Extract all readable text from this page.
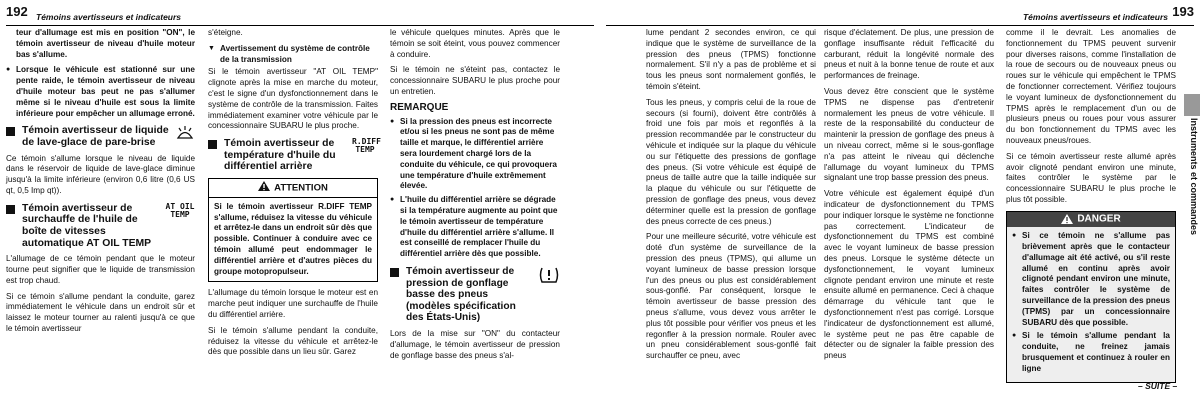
192 Témoins avertisseurs et indicateurs

teur d'allumage est mis en position "ON", le témoin avertisseur de niveau d'huile moteur bas s'allume.

● Lorsque le véhicule est stationné sur une pente raide, le témoin avertisseur de niveau d'huile moteur bas peut ne pas s'allumer même si le niveau d'huile est sous la limite inférieure pour empêcher un allumage erroné.
Témoin avertisseur de liquide de lave-glace de pare-brise

Ce témoin s'allume lorsque le niveau de liquide dans le réservoir de liquide de lave-glace diminue jusqu'à la limite inférieure (environ 0,6 litre (0,6 US qt, 0,5 Imp qt)).

Témoin avertisseur de surchauffe de l'huile de boîte de vitesses automatique AT OIL TEMP
AT OIL TEMP

L'allumage de ce témoin pendant que le moteur tourne peut signifier que le liquide de transmission est trop chaud.

Si ce témoin s'allume pendant la conduite, garez immédiatement le véhicule dans un endroit sûr et laissez le moteur tourner au ralenti jusqu'à ce que le témoin avertisseur

s'éteigne.

▼ Avertissement du système de contrôle de la transmission

Si le témoin avertisseur "AT OIL TEMP" clignote après la mise en marche du moteur, c'est le signe d'un dysfonctionnement dans le système de contrôle de la transmission. Faites immédiatement examiner votre véhicule par le concessionnaire SUBARU le plus proche.

Témoin avertisseur de température d'huile du différentiel arrière
R.DIFF TEMP
ATTENTION
Si le témoin avertisseur R.DIFF TEMP s'allume, réduisez la vitesse du véhicule et arrêtez-le dans un endroit sûr dès que possible. Continuer à conduire avec ce témoin allumé peut endommager le différentiel arrière et d'autres pièces du groupe motopropulseur.

L'allumage du témoin lorsque le moteur est en marche peut indiquer une surchauffe de l'huile du différentiel arrière.

Si le témoin s'allume pendant la conduite, réduisez la vitesse du véhicule et arrêtez-le dès que possible dans un lieu sûr. Garez

le véhicule quelques minutes. Après que le témoin se soit éteint, vous pouvez commencer à conduire.

Si le témoin ne s'éteint pas, contactez le concessionnaire SUBARU le plus proche pour un entretien.

REMARQUE
● Si la pression des pneus est incorrecte et/ou si les pneus ne sont pas de même taille et marque, le différentiel arrière sera lourdement chargé lors de la conduite du véhicule, ce qui provoquera une température d'huile extrêmement élevée.
● L'huile du différentiel arrière se dégrade si la température augmente au point que le témoin avertisseur de température d'huile du différentiel arrière s'allume. Il est conseillé de remplacer l'huile du différentiel arrière dès que possible.
Témoin avertisseur de pression de gonflage basse des pneus (modèles spécification des États-Unis)

Lors de la mise sur "ON" du contacteur d'allumage, le témoin avertisseur de pression de gonflage basse des pneus s'al-

Témoins avertisseurs et indicateurs 193

lume pendant 2 secondes environ, ce qui indique que le système de surveillance de la pression des pneus (TPMS) fonctionne normalement. S'il n'y a pas de problème et si tous les pneus sont normalement gonflés, le témoin s'éteint.

Tous les pneus, y compris celui de la roue de secours (si fourni), doivent être contrôlés à froid une fois par mois et regonflés à la pression recommandée par le constructeur du véhicule et indiquée sur la plaque du véhicule ou sur l'étiquette des pressions de gonflage des pneus. (Si votre véhicule est équipé de pneus de taille autre que la taille indiquée sur la plaque du véhicule ou sur l'étiquette de pression de gonflage des pneus, vous devez déterminer quelle est la pression de gonflage des pneus correcte de ces pneus.)

Pour une meilleure sécurité, votre véhicule est doté d'un système de surveillance de la pression des pneus (TPMS), qui allume un voyant lumineux de basse pression lorsque l'un des pneus ou plus est considérablement sous-gonflé. Par conséquent, lorsque le témoin avertisseur de basse pression des pneus s'allume, vous devez vous arrêter le plus tôt possible pour vérifier vos pneus et les regonfler à la pression normale. Rouler avec un pneu considérablement sous-gonflé fait surchauffer ce pneu, avec

risque d'éclatement. De plus, une pression de gonflage insuffisante réduit l'efficacité du carburant, réduit la longévité normale des pneus et nuit à la bonne tenue de route et aux performances de freinage.

Vous devez être conscient que le système TPMS ne dispense pas d'entretenir normalement les pneus de votre véhicule. Il reste de la responsabilité du conducteur de maintenir la pression de gonflage des pneus à un niveau correct, même si le sous-gonflage n'a pas atteint le niveau qui déclenche l'allumage du voyant lumineux du TPMS signalant une trop basse pression des pneus.

Votre véhicule est également équipé d'un indicateur de dysfonctionnement du TPMS pour indiquer lorsque le système ne fonctionne pas correctement. L'indicateur de dysfonctionnement du TPMS est combiné avec le voyant lumineux de basse pression des pneus. Lorsque le système détecte un dysfonctionnement, le voyant lumineux clignote pendant environ une minute et reste ensuite allumé en permanence. Ceci à chaque démarrage du véhicule tant que le dysfonctionnement n'est pas corrigé. Lorsque l'indicateur de dysfonctionnement est allumé, le système peut ne pas être capable de détecter ou de signaler la faible pression des pneus

comme il le devrait. Les anomalies de fonctionnement du TPMS peuvent survenir pour diverses raisons, comme l'installation de la roue de secours ou de nouveaux pneus ou roues sur le véhicule qui empêchent le TPMS de fonctionner correctement. Vérifiez toujours le voyant lumineux de dysfonctionnement du TPMS après le remplacement d'un ou de plusieurs pneus ou roues pour vous assurer du bon fonctionnement du TPMS avec les nouveaux pneus/roues.

Si ce témoin avertisseur reste allumé après avoir clignoté pendant environ une minute, faites contrôler le système par le concessionnaire SUBARU le plus proche le plus tôt possible.

DANGER
● Si ce témoin ne s'allume pas brièvement après que le contacteur d'allumage ait été activé, ou s'il reste allumé en continu après avoir clignoté pendant environ une minute, faites contrôler le système de surveillance de la pression des pneus (TPMS) par un concessionnaire SUBARU dès que possible.
● Si le témoin s'allume pendant la conduite, ne freinez jamais brusquement et continuez à rouler en ligne
Instruments et commandes
– SUITE –
